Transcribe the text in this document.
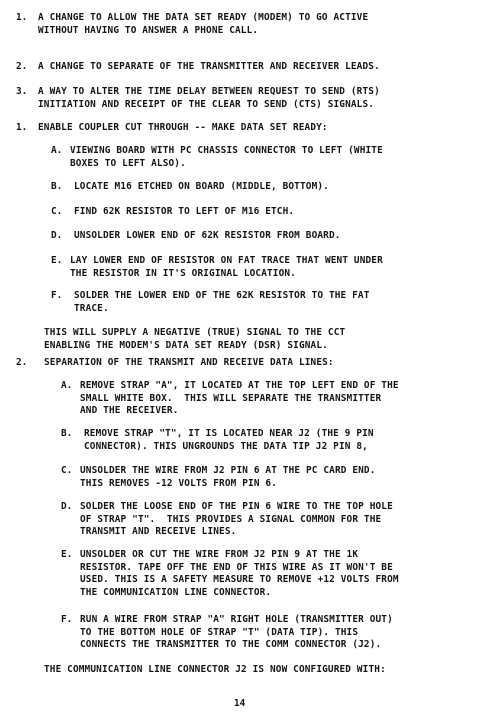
1. A CHANGE TO ALLOW THE DATA SET READY (MODEM) TO GO ACTIVE
WITHOUT HAVING TO ANSWER A PHONE CALL.

2. A CHANGE TO SEPARATE OF THE TRANSMITTER AND RECEIVER LEADS.

3. A WAY TO ALTER THE TIME DELAY BETWEEN REQUEST TO SEND (RTS)
INITIATION AND RECEIPT OF THE CLEAR TO SEND (CTS) SIGNALS.

1. ENABLE COUPLER CUT THROUGH -- MAKE DATA SET READY:

A. VIEWING BOARD WITH PC CHASSIS CONNECTOR TO LEFT (WHITE
BOXES TO LEFT ALSO).

B. LOCATE M16 ETCHED ON BOARD (MIDDLE, BOTTOM).

C. FIND 62K RESISTOR TO LEFT OF M16 ETCH.

D. UNSOLDER LOWER END OF 62K RESISTOR FROM BOARD.

E. LAY LOWER END OF RESISTOR ON FAT TRACE THAT WENT UNDER
THE RESISTOR IN IT'S ORIGINAL LOCATION.

F. SOLDER THE LOWER END OF THE 62K RESISTOR TO THE FAT
TRACE.

THIS WILL SUPPLY A NEGATIVE (TRUE) SIGNAL TO THE CCT
ENABLING THE MODEM'S DATA SET READY (DSR) SIGNAL.

2. SEPARATION OF THE TRANSMIT AND RECEIVE DATA LINES:

A. REMOVE STRAP "A", IT LOCATED AT THE TOP LEFT END OF THE
SMALL WHITE BOX.  THIS WILL SEPARATE THE TRANSMITTER
AND THE RECEIVER.

B. REMOVE STRAP "T", IT IS LOCATED NEAR J2 (THE 9 PIN
CONNECTOR). THIS UNGROUNDS THE DATA TIP J2 PIN 8,

C. UNSOLDER THE WIRE FROM J2 PIN 6 AT THE PC CARD END.
THIS REMOVES -12 VOLTS FROM PIN 6.

D. SOLDER THE LOOSE END OF THE PIN 6 WIRE TO THE TOP HOLE
OF STRAP "T".  THIS PROVIDES A SIGNAL COMMON FOR THE
TRANSMIT AND RECEIVE LINES.

E. UNSOLDER OR CUT THE WIRE FROM J2 PIN 9 AT THE 1K
RESISTOR. TAPE OFF THE END OF THIS WIRE AS IT WON'T BE
USED. THIS IS A SAFETY MEASURE TO REMOVE +12 VOLTS FROM
THE COMMUNICATION LINE CONNECTOR.

F. RUN A WIRE FROM STRAP "A" RIGHT HOLE (TRANSMITTER OUT)
TO THE BOTTOM HOLE OF STRAP "T" (DATA TIP). THIS
CONNECTS THE TRANSMITTER TO THE COMM CONNECTOR (J2).

THE COMMUNICATION LINE CONNECTOR J2 IS NOW CONFIGURED WITH:

14
